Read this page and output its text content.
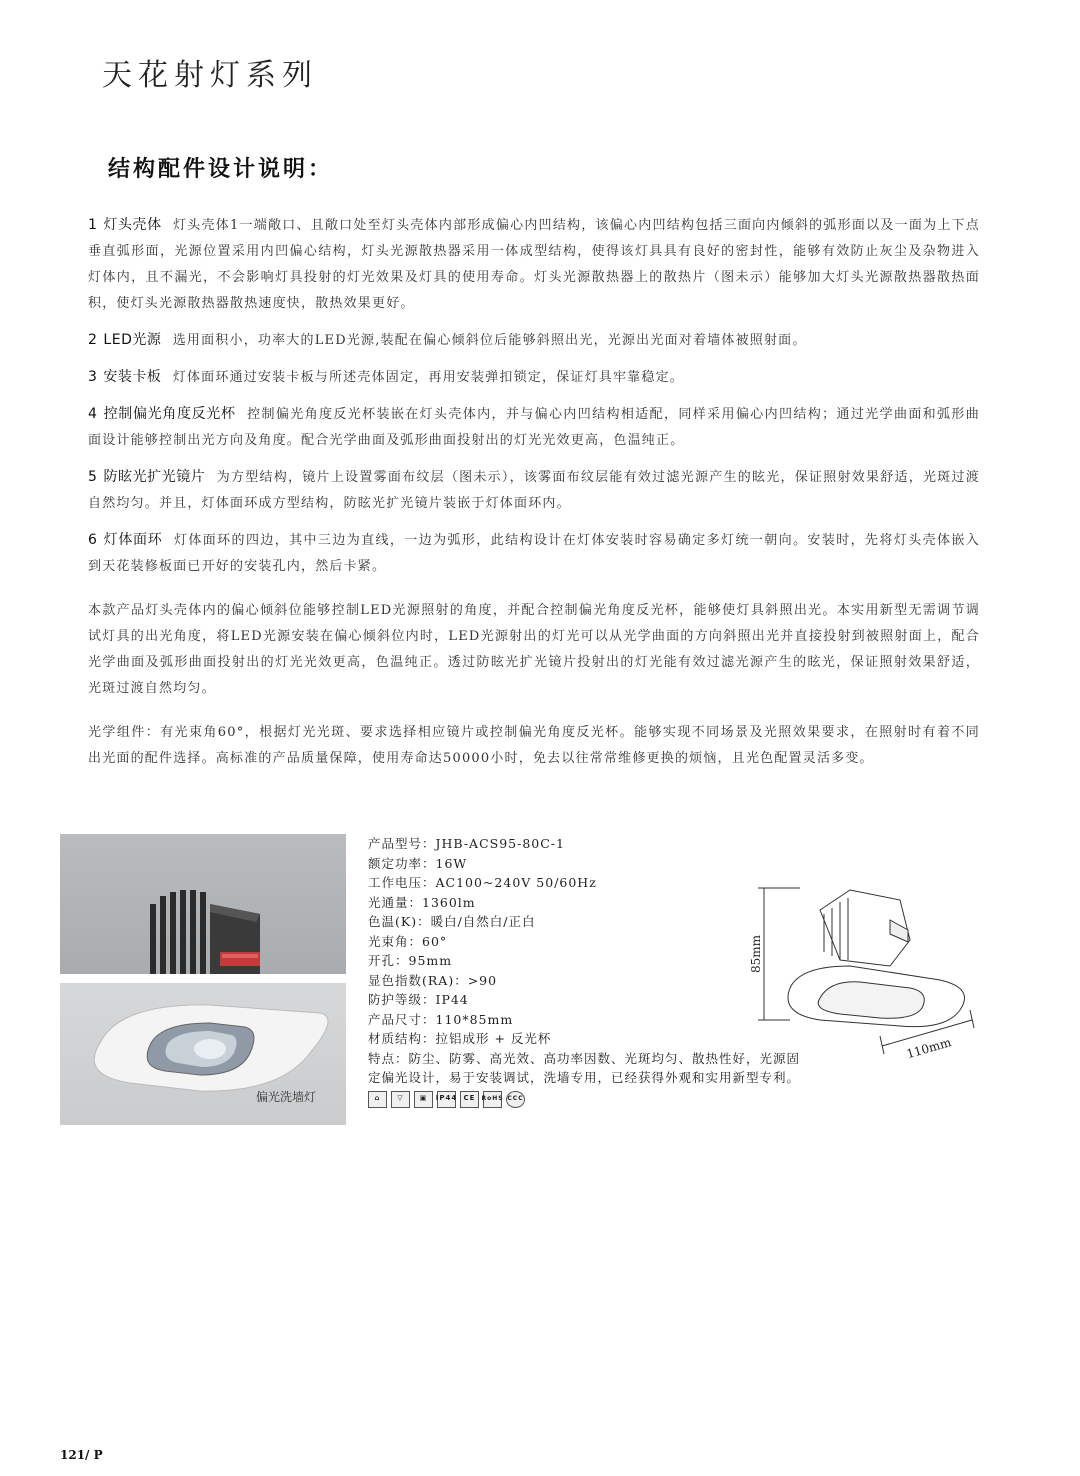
天花射灯系列
结构配件设计说明：

1 灯头壳体 灯头壳体1一端敞口、且敞口处至灯头壳体内部形成偏心内凹结构，该偏心内凹结构包括三面向内倾斜的弧形面以及一面为上下点垂直弧形面，光源位置采用内凹偏心结构，灯头光源散热器采用一体成型结构，使得该灯具具有良好的密封性，能够有效防止灰尘及杂物进入灯体内，且不漏光，不会影响灯具投射的灯光效果及灯具的使用寿命。灯头光源散热器上的散热片（图未示）能够加大灯头光源散热器散热面积，使灯头光源散热器散热速度快，散热效果更好。

2 LED光源 选用面积小，功率大的LED光源,装配在偏心倾斜位后能够斜照出光，光源出光面对着墙体被照射面。

3 安装卡板 灯体面环通过安装卡板与所述壳体固定，再用安装弹扣锁定，保证灯具牢靠稳定。

4 控制偏光角度反光杯 控制偏光角度反光杯装嵌在灯头壳体内，并与偏心内凹结构相适配，同样采用偏心内凹结构；通过光学曲面和弧形曲面设计能够控制出光方向及角度。配合光学曲面及弧形曲面投射出的灯光光效更高，色温纯正。

5 防眩光扩光镜片 为方型结构，镜片上设置雾面布纹层（图未示），该雾面布纹层能有效过滤光源产生的眩光，保证照射效果舒适，光斑过渡自然均匀。并且，灯体面环成方型结构，防眩光扩光镜片装嵌于灯体面环内。

6 灯体面环 灯体面环的四边，其中三边为直线，一边为弧形，此结构设计在灯体安装时容易确定多灯统一朝向。安装时，先将灯头壳体嵌入到天花装修板面已开好的安装孔内，然后卡紧。

本款产品灯头壳体内的偏心倾斜位能够控制LED光源照射的角度，并配合控制偏光角度反光杯，能够使灯具斜照出光。本实用新型无需调节调试灯具的出光角度，将LED光源安装在偏心倾斜位内时，LED光源射出的灯光可以从光学曲面的方向斜照出光并直接投射到被照射面上，配合光学曲面及弧形曲面投射出的灯光光效更高，色温纯正。透过防眩光扩光镜片投射出的灯光能有效过滤光源产生的眩光，保证照射效果舒适，光斑过渡自然均匀。

光学组件：有光束角60°，根据灯光光斑、要求选择相应镜片或控制偏光角度反光杯。能够实现不同场景及光照效果要求，在照射时有着不同出光面的配件选择。高标准的产品质量保障，使用寿命达50000小时，免去以往常常维修更换的烦恼，且光色配置灵活多变。

偏光洗墙灯
产品型号：JHB-ACS95-80C-1
额定功率：16W
工作电压：AC100~240V 50/60Hz
光通量：1360lm
色温(K)：暖白/自然白/正白
光束角：60°
开孔：95mm
显色指数(RA)：>90
防护等级：IP44
产品尺寸：110*85mm
材质结构：拉铝成形 + 反光杯
特点：防尘、防雾、高光效、高功率因数、光斑均匀、散热性好，光源固定偏光设计，易于安装调试，洗墙专用，已经获得外观和实用新型专利。
⌂	▽	▣	IP44 CE	RoHS CCC
85mm
110mm
121/ P
